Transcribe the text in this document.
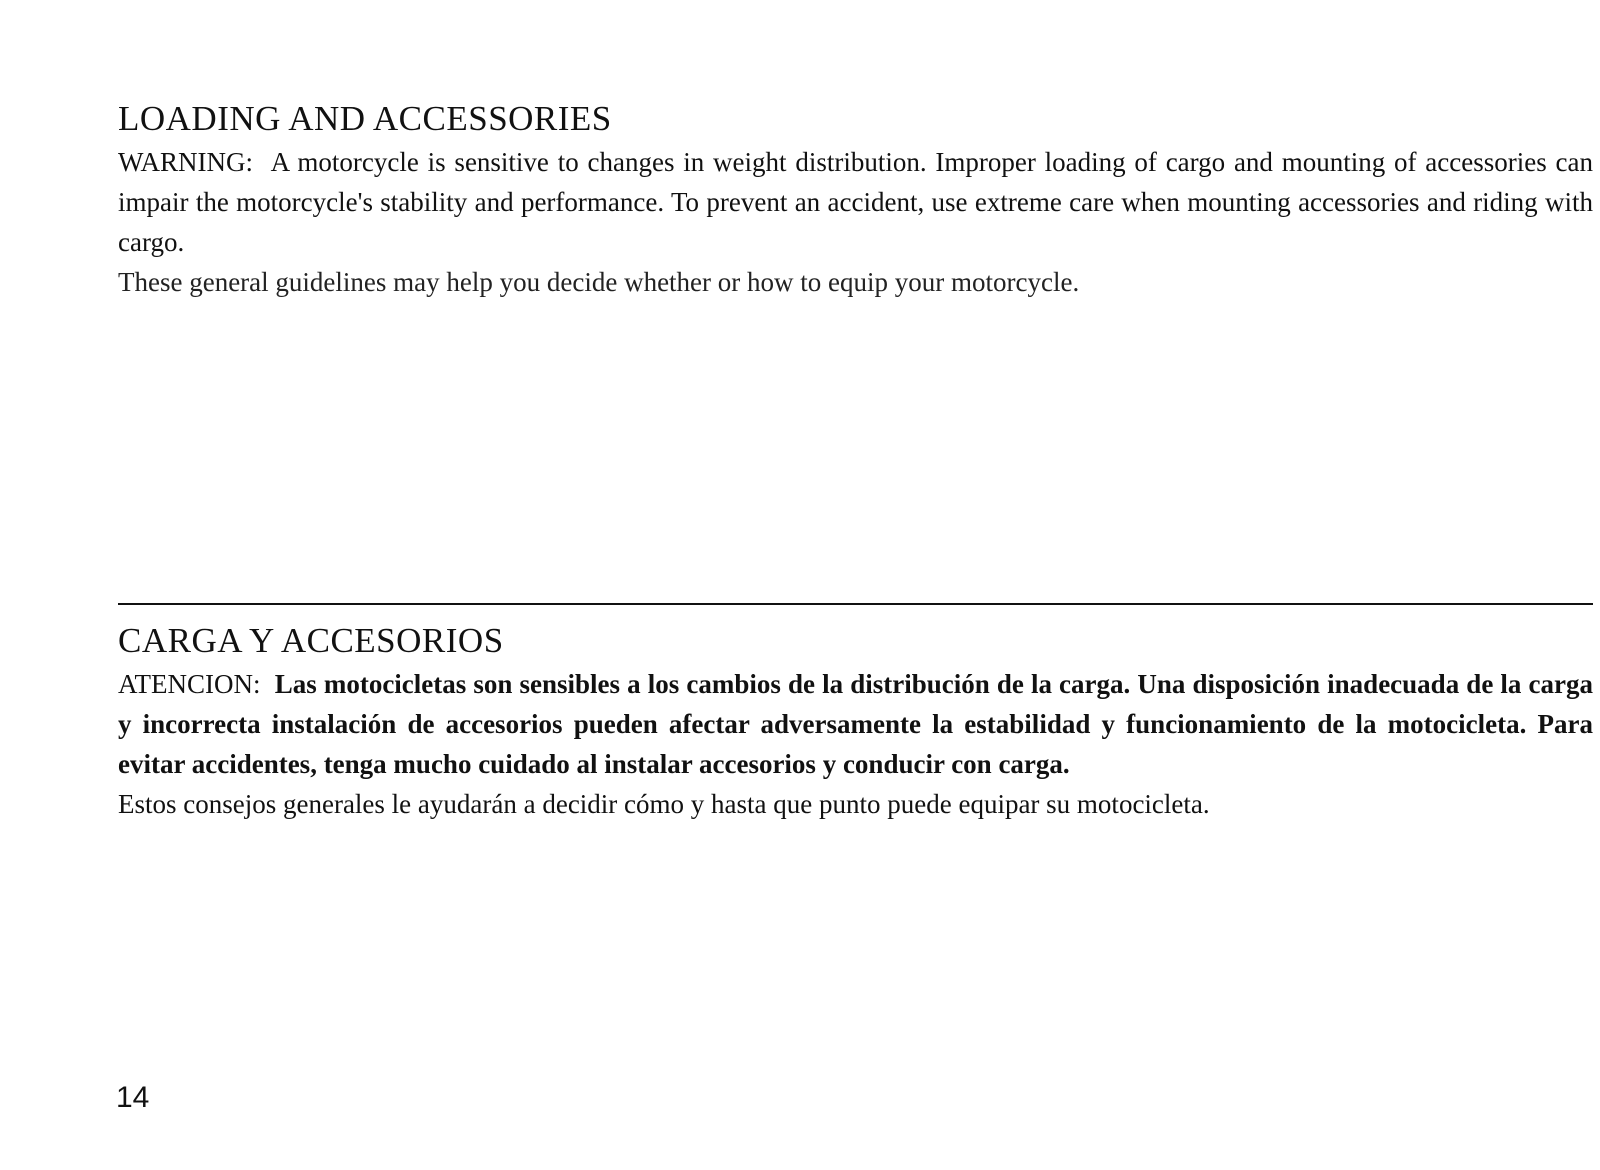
LOADING AND ACCESSORIES

WARNING: A motorcycle is sensitive to changes in weight distribution. Improper loading of cargo and mounting of accessories can impair the motorcycle's stability and performance. To prevent an accident, use extreme care when mounting accessories and riding with cargo.

These general guidelines may help you decide whether or how to equip your motorcycle.

CARGA Y ACCESORIOS

ATENCION: Las motocicletas son sensibles a los cambios de la distribución de la carga. Una disposición inadecuada de la carga y incorrecta instalación de accesorios pueden afectar adversamente la estabilidad y funcionamiento de la motocicleta. Para evitar accidentes, tenga mucho cuidado al instalar accesorios y conducir con carga.

Estos consejos generales le ayudarán a decidir cómo y hasta que punto puede equipar su motocicleta.

14
